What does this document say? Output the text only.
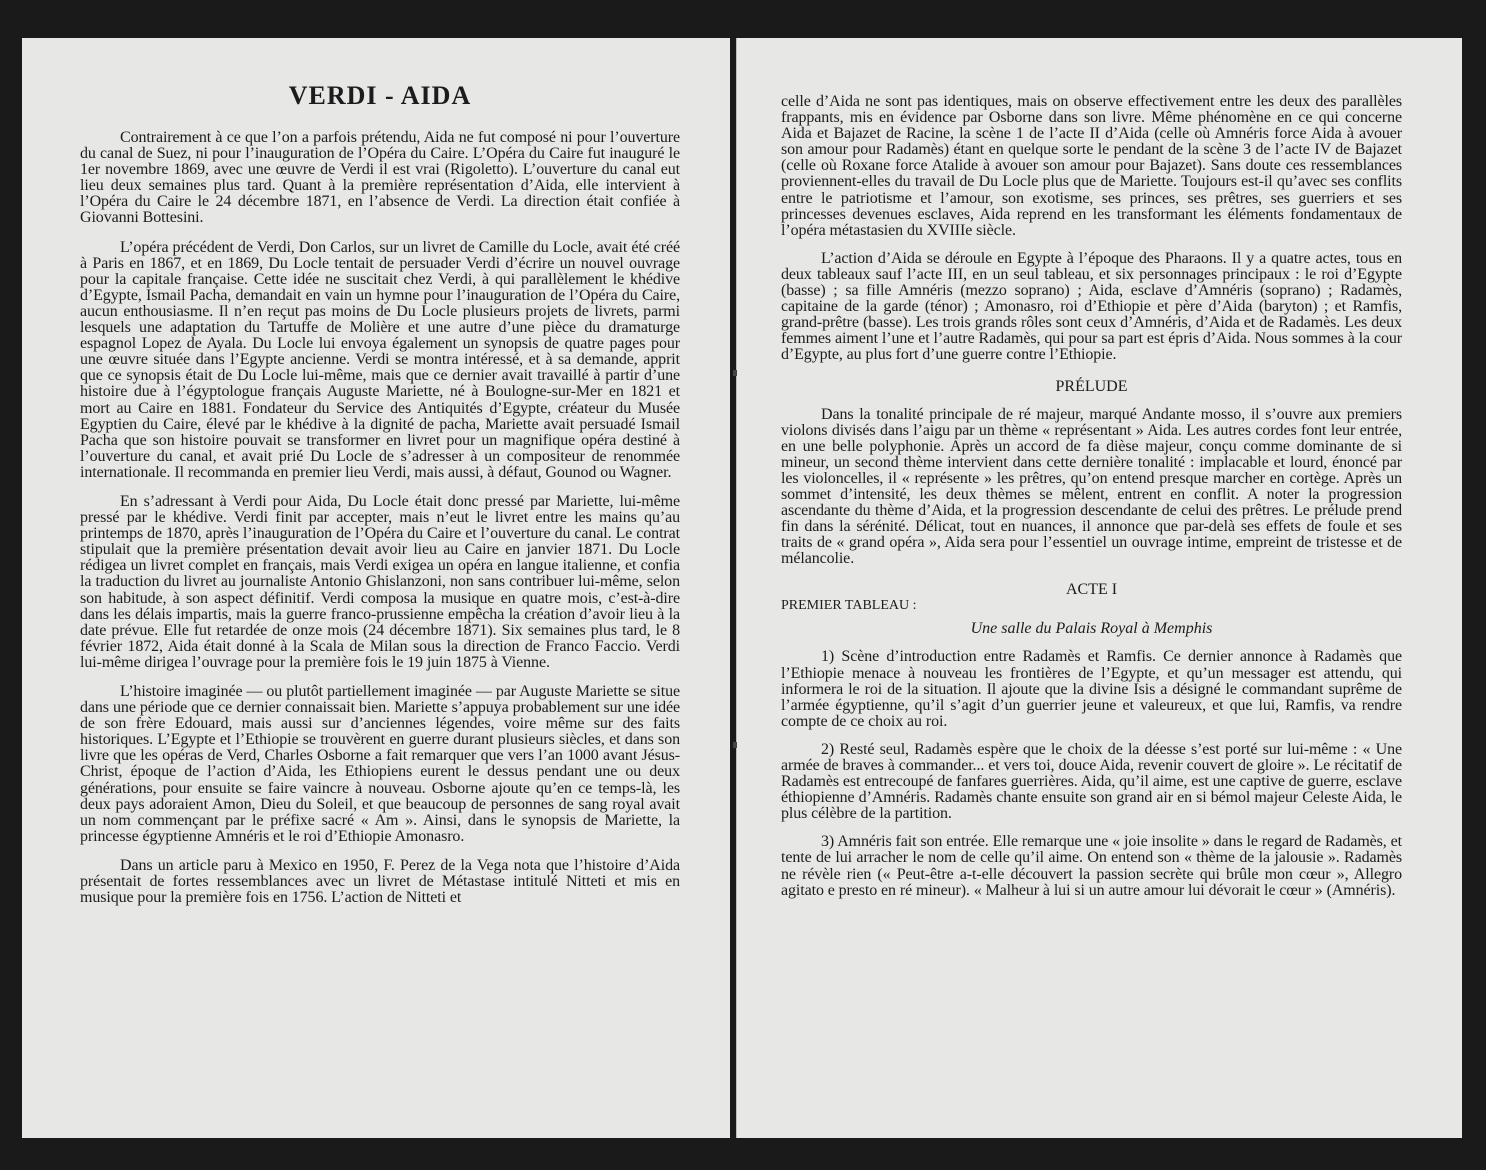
VERDI - AIDA

Contrairement à ce que l’on a parfois prétendu, Aida ne fut composé ni pour l’ouverture du canal de Suez, ni pour l’inauguration de l’Opéra du Caire. L’Opéra du Caire fut inauguré le 1er novembre 1869, avec une œuvre de Verdi il est vrai (Rigoletto). L’ouverture du canal eut lieu deux semaines plus tard. Quant à la première représentation d’Aida, elle intervient à l’Opéra du Caire le 24 décembre 1871, en l’absence de Verdi. La direction était confiée à Giovanni Bottesini.

L’opéra précédent de Verdi, Don Carlos, sur un livret de Camille du Locle, avait été créé à Paris en 1867, et en 1869, Du Locle tentait de persuader Verdi d’écrire un nouvel ouvrage pour la capitale française. Cette idée ne suscitait chez Verdi, à qui parallèlement le khédive d’Egypte, Ismail Pacha, demandait en vain un hymne pour l’inauguration de l’Opéra du Caire, aucun enthousiasme. Il n’en reçut pas moins de Du Locle plusieurs projets de livrets, parmi lesquels une adaptation du Tartuffe de Molière et une autre d’une pièce du dramaturge espagnol Lopez de Ayala. Du Locle lui envoya également un synopsis de quatre pages pour une œuvre située dans l’Egypte ancienne. Verdi se montra intéressé, et à sa demande, apprit que ce synopsis était de Du Locle lui-même, mais que ce dernier avait travaillé à partir d’une histoire due à l’égyptologue français Auguste Mariette, né à Boulogne-sur-Mer en 1821 et mort au Caire en 1881. Fondateur du Service des Antiquités d’Egypte, créateur du Musée Egyptien du Caire, élevé par le khédive à la dignité de pacha, Mariette avait persuadé Ismail Pacha que son histoire pouvait se transformer en livret pour un magnifique opéra destiné à l’ouverture du canal, et avait prié Du Locle de s’adresser à un compositeur de renommée internationale. Il recommanda en premier lieu Verdi, mais aussi, à défaut, Gounod ou Wagner.

En s’adressant à Verdi pour Aida, Du Locle était donc pressé par Mariette, lui-même pressé par le khédive. Verdi finit par accepter, mais n’eut le livret entre les mains qu’au printemps de 1870, après l’inauguration de l’Opéra du Caire et l’ouverture du canal. Le contrat stipulait que la première présentation devait avoir lieu au Caire en janvier 1871. Du Locle rédigea un livret complet en français, mais Verdi exigea un opéra en langue italienne, et confia la traduction du livret au journaliste Antonio Ghislanzoni, non sans contribuer lui-même, selon son habitude, à son aspect définitif. Verdi composa la musique en quatre mois, c’est-à-dire dans les délais impartis, mais la guerre franco-prussienne empêcha la création d’avoir lieu à la date prévue. Elle fut retardée de onze mois (24 décembre 1871). Six semaines plus tard, le 8 février 1872, Aida était donné à la Scala de Milan sous la direction de Franco Faccio. Verdi lui-même dirigea l’ouvrage pour la première fois le 19 juin 1875 à Vienne.

L’histoire imaginée — ou plutôt partiellement imaginée — par Auguste Mariette se situe dans une période que ce dernier connaissait bien. Mariette s’appuya probablement sur une idée de son frère Edouard, mais aussi sur d’anciennes légendes, voire même sur des faits historiques. L’Egypte et l’Ethiopie se trouvèrent en guerre durant plusieurs siècles, et dans son livre que les opéras de Verd, Charles Osborne a fait remarquer que vers l’an 1000 avant Jésus-Christ, époque de l’action d’Aida, les Ethiopiens eurent le dessus pendant une ou deux générations, pour ensuite se faire vaincre à nouveau. Osborne ajoute qu’en ce temps-là, les deux pays adoraient Amon, Dieu du Soleil, et que beaucoup de personnes de sang royal avait un nom commençant par le préfixe sacré « Am ». Ainsi, dans le synopsis de Mariette, la princesse égyptienne Amnéris et le roi d’Ethiopie Amonasro.

Dans un article paru à Mexico en 1950, F. Perez de la Vega nota que l’histoire d’Aida présentait de fortes ressemblances avec un livret de Métastase intitulé Nitteti et mis en musique pour la première fois en 1756. L’action de Nitteti et

celle d’Aida ne sont pas identiques, mais on observe effectivement entre les deux des parallèles frappants, mis en évidence par Osborne dans son livre. Même phénomène en ce qui concerne Aida et Bajazet de Racine, la scène 1 de l’acte II d’Aida (celle où Amnéris force Aida à avouer son amour pour Radamès) étant en quelque sorte le pendant de la scène 3 de l’acte IV de Bajazet (celle où Roxane force Atalide à avouer son amour pour Bajazet). Sans doute ces ressemblances proviennent-elles du travail de Du Locle plus que de Mariette. Toujours est-il qu’avec ses conflits entre le patriotisme et l’amour, son exotisme, ses princes, ses prêtres, ses guerriers et ses princesses devenues esclaves, Aida reprend en les transformant les éléments fondamentaux de l’opéra métastasien du XVIIIe siècle.

L’action d’Aida se déroule en Egypte à l’époque des Pharaons. Il y a quatre actes, tous en deux tableaux sauf l’acte III, en un seul tableau, et six personnages principaux : le roi d’Egypte (basse) ; sa fille Amnéris (mezzo soprano) ; Aida, esclave d’Amnéris (soprano) ; Radamès, capitaine de la garde (ténor) ; Amonasro, roi d’Ethiopie et père d’Aida (baryton) ; et Ramfis, grand-prêtre (basse). Les trois grands rôles sont ceux d’Amnéris, d’Aida et de Radamès. Les deux femmes aiment l’une et l’autre Radamès, qui pour sa part est épris d’Aida. Nous sommes à la cour d’Egypte, au plus fort d’une guerre contre l’Ethiopie.

PRÉLUDE

Dans la tonalité principale de ré majeur, marqué Andante mosso, il s’ouvre aux premiers violons divisés dans l’aigu par un thème « représentant » Aida. Les autres cordes font leur entrée, en une belle polyphonie. Après un accord de fa dièse majeur, conçu comme dominante de si mineur, un second thème intervient dans cette dernière tonalité : implacable et lourd, énoncé par les violoncelles, il « représente » les prêtres, qu’on entend presque marcher en cortège. Après un sommet d’intensité, les deux thèmes se mêlent, entrent en conflit. A noter la progression ascendante du thème d’Aida, et la progression descendante de celui des prêtres. Le prélude prend fin dans la sérénité. Délicat, tout en nuances, il annonce que par-delà ses effets de foule et ses traits de « grand opéra », Aida sera pour l’essentiel un ouvrage intime, empreint de tristesse et de mélancolie.

ACTE I
PREMIER TABLEAU :
Une salle du Palais Royal à Memphis

1) Scène d’introduction entre Radamès et Ramfis. Ce dernier annonce à Radamès que l’Ethiopie menace à nouveau les frontières de l’Egypte, et qu’un messager est attendu, qui informera le roi de la situation. Il ajoute que la divine Isis a désigné le commandant suprême de l’armée égyptienne, qu’il s’agit d’un guerrier jeune et valeureux, et que lui, Ramfis, va rendre compte de ce choix au roi.

2) Resté seul, Radamès espère que le choix de la déesse s’est porté sur lui-même : « Une armée de braves à commander... et vers toi, douce Aida, revenir couvert de gloire ». Le récitatif de Radamès est entrecoupé de fanfares guerrières. Aida, qu’il aime, est une captive de guerre, esclave éthiopienne d’Amnéris. Radamès chante ensuite son grand air en si bémol majeur Celeste Aida, le plus célèbre de la partition.

3) Amnéris fait son entrée. Elle remarque une « joie insolite » dans le regard de Radamès, et tente de lui arracher le nom de celle qu’il aime. On entend son « thème de la jalousie ». Radamès ne révèle rien (« Peut-être a-t-elle découvert la passion secrète qui brûle mon cœur », Allegro agitato e presto en ré mineur). « Malheur à lui si un autre amour lui dévorait le cœur » (Amnéris).
